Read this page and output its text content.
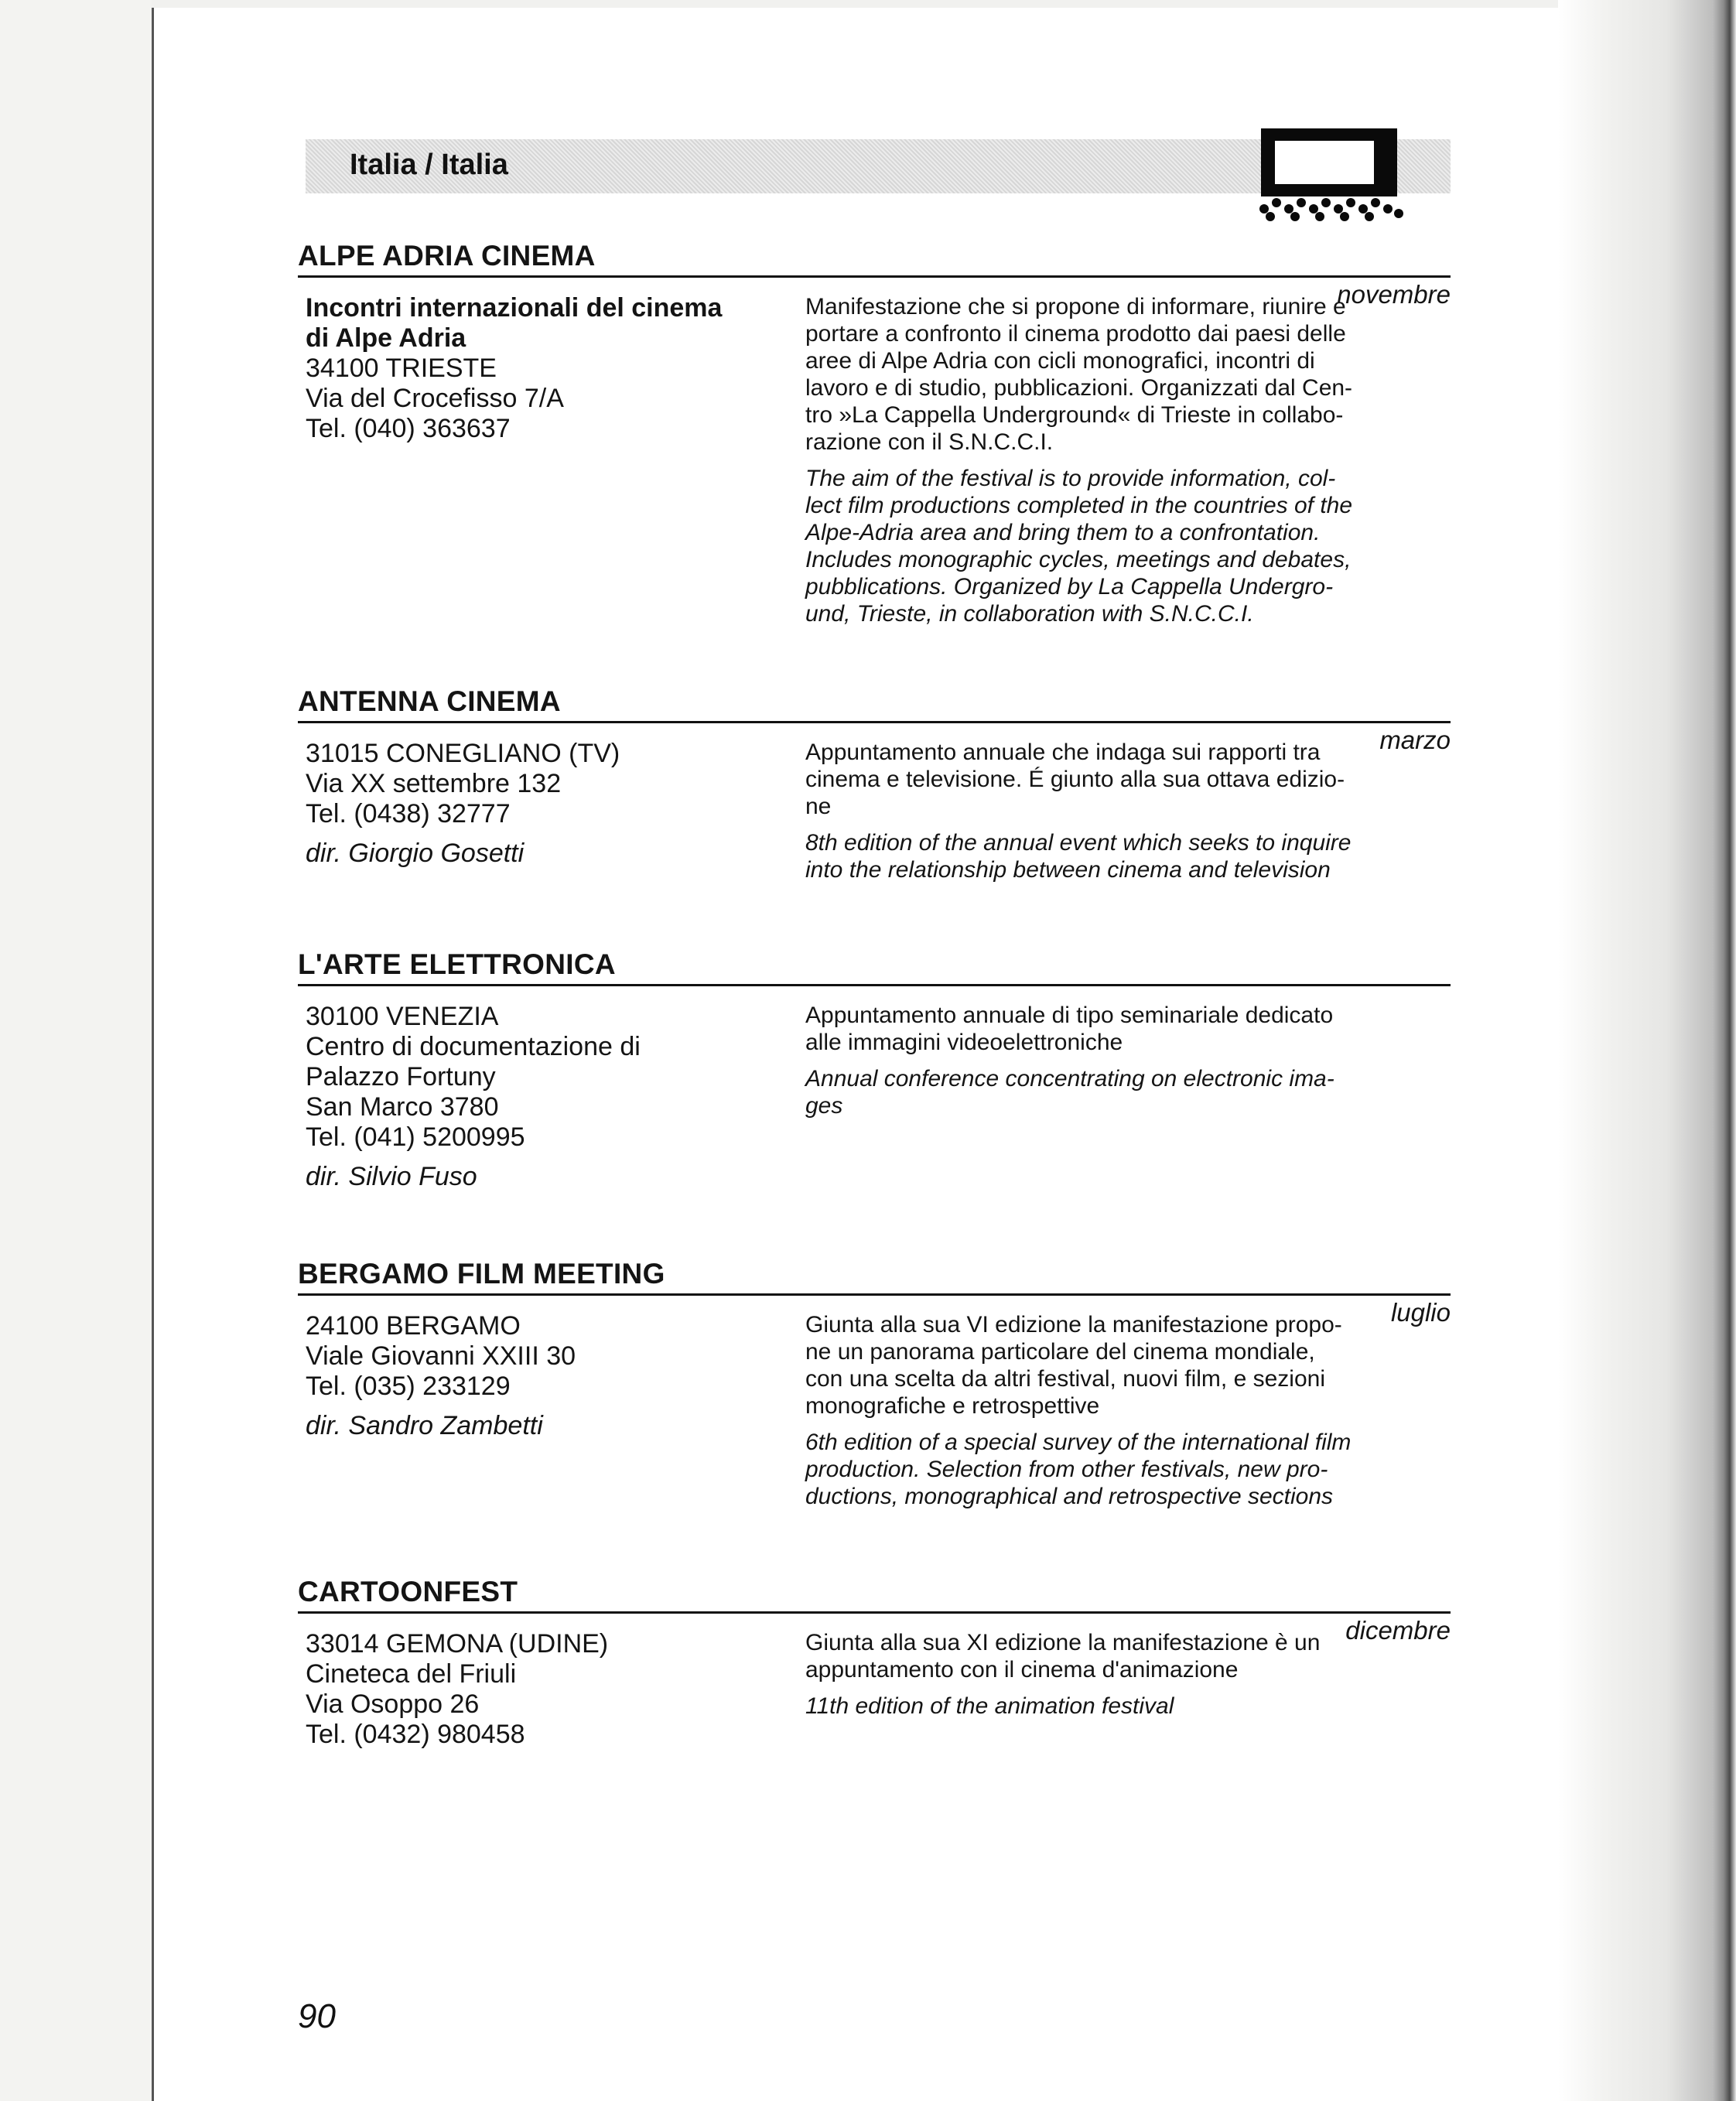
Italia / Italia
ALPE ADRIA CINEMA
novembre
Incontri internazionali del cinema
di Alpe Adria
34100 TRIESTE
Via del Crocefisso 7/A
Tel. (040) 363637
Manifestazione che si propone di informare, riunire e
portare a confronto il cinema prodotto dai paesi delle
aree di Alpe Adria con cicli monografici, incontri di
lavoro e di studio, pubblicazioni. Organizzati dal Cen-
tro »La Cappella Underground« di Trieste in collabo-
razione con il S.N.C.C.I.
The aim of the festival is to provide information, col-
lect film productions completed in the countries of the
Alpe-Adria area and bring them to a confrontation.
Includes monographic cycles, meetings and debates,
pubblications. Organized by La Cappella Undergro-
und, Trieste, in collaboration with S.N.C.C.I.
ANTENNA CINEMA
marzo
31015 CONEGLIANO (TV)
Via XX settembre 132
Tel. (0438) 32777
dir. Giorgio Gosetti
Appuntamento annuale che indaga sui rapporti tra
cinema e televisione. É giunto alla sua ottava edizio-
ne
8th edition of the annual event which seeks to inquire
into the relationship between cinema and television
L'ARTE ELETTRONICA
30100 VENEZIA
Centro di documentazione di
Palazzo Fortuny
San Marco 3780
Tel. (041) 5200995
dir. Silvio Fuso
Appuntamento annuale di tipo seminariale dedicato
alle immagini videoelettroniche
Annual conference concentrating on electronic ima-
ges
BERGAMO FILM MEETING
luglio
24100 BERGAMO
Viale Giovanni XXIII 30
Tel. (035) 233129
dir. Sandro Zambetti
Giunta alla sua VI edizione la manifestazione propo-
ne un panorama particolare del cinema mondiale,
con una scelta da altri festival, nuovi film, e sezioni
monografiche e retrospettive
6th edition of a special survey of the international film
production. Selection from other festivals, new pro-
ductions, monographical and retrospective sections
CARTOONFEST
dicembre
33014 GEMONA (UDINE)
Cineteca del Friuli
Via Osoppo 26
Tel. (0432) 980458
Giunta alla sua XI edizione la manifestazione è un
appuntamento con il cinema d'animazione
11th edition of the animation festival
90
